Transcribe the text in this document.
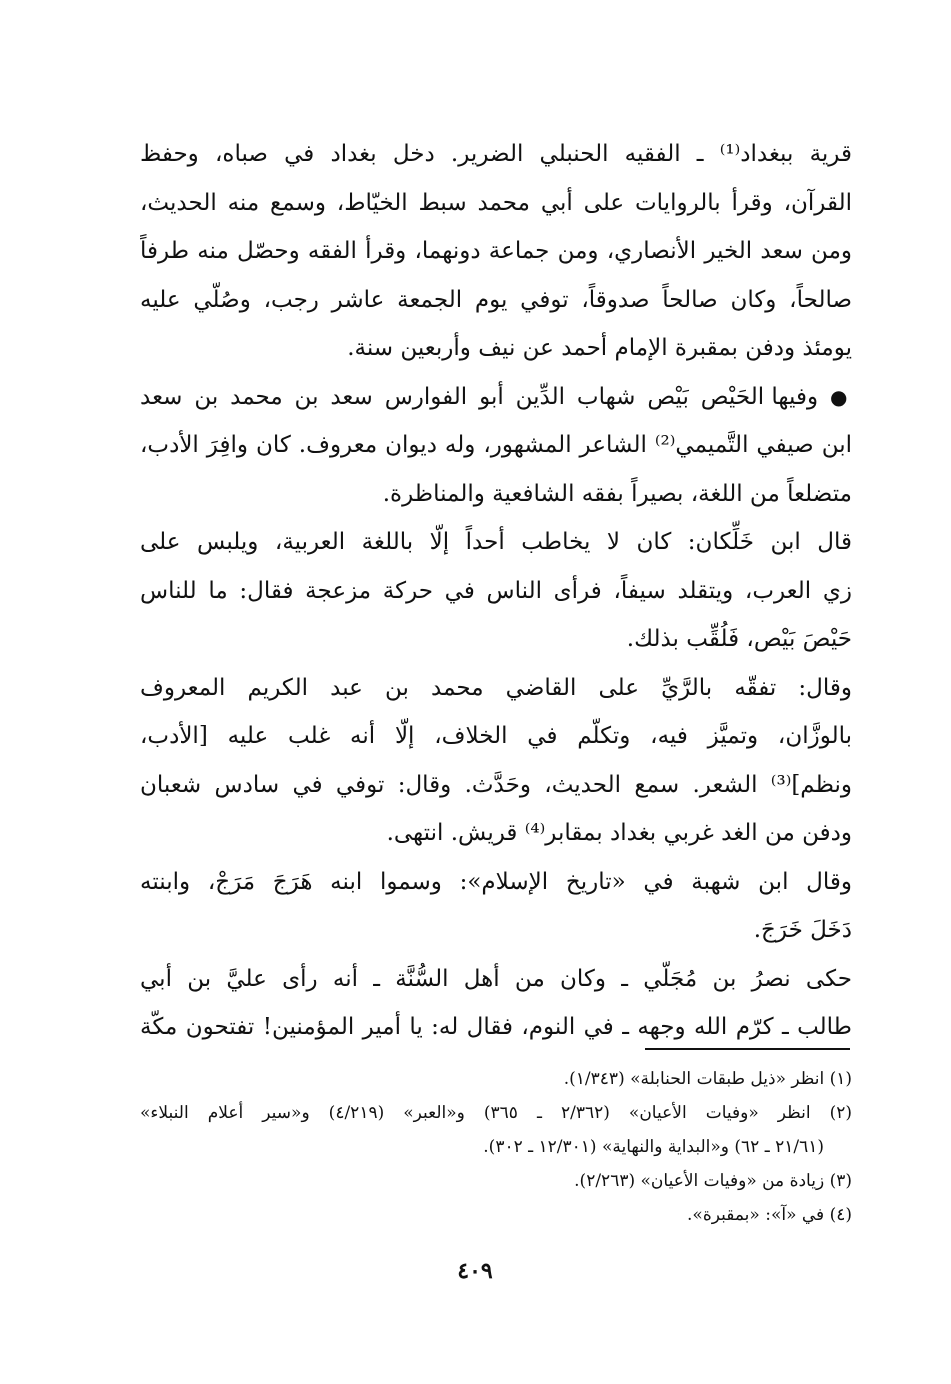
قرية ببغداد⁽¹⁾ ـ الفقيه الحنبلي الضرير. دخل بغداد في صباه، وحفظ
القرآن، وقرأ بالروايات على أبي محمد سبط الخيّاط، وسمع منه الحديث،
ومن سعد الخير الأنصاري، ومن جماعة دونهما، وقرأ الفقه وحصّل منه طرفاً
صالحاً، وكان صالحاً صدوقاً، توفي يوم الجمعة عاشر رجب، وصُلّي عليه
يومئذ ودفن بمقبرة الإمام أحمد عن نيف وأربعين سنة.

● وفيها الحَيْص بَيْص شهاب الدِّين أبو الفوارس سعد بن محمد بن سعد
ابن صيفي التَّميمي⁽²⁾ الشاعر المشهور، وله ديوان معروف. كان وافِرَ الأدب،
متضلعاً من اللغة، بصيراً بفقه الشافعية والمناظرة.

قال ابن خَلِّكان: كان لا يخاطب أحداً إلّا باللغة العربية، ويلبس على
زي العرب، ويتقلد سيفاً، فرأى الناس في حركة مزعجة فقال: ما للناس
حَيْصَ بَيْص، فَلُقِّب بذلك.

وقال: تفقّه بالرَّيِّ على القاضي محمد بن عبد الكريم المعروف
بالوزَّان، وتميَّز فيه، وتكلّم في الخلاف، إلّا أنه غلب عليه [الأدب،
ونظم]⁽³⁾ الشعر. سمع الحديث، وحَدَّث. وقال: توفي في سادس شعبان
ودفن من الغد غربي بغداد بمقابر⁽⁴⁾ قريش. انتهى.

وقال ابن شهبة في «تاريخ الإسلام»: وسموا ابنه هَرَجَ مَرَجْ، وابنته
دَخَلَ خَرَجَ.

حكى نصرُ بن مُجَلّي ـ وكان من أهل السُّنَّة ـ أنه رأى عليَّ بن أبي
طالب ـ كرّم الله وجهه ـ في النوم، فقال له: يا أمير المؤمنين! تفتحون مكّة

(١) انظر «ذيل طبقات الحنابلة» (١/٣٤٣).
(٢) انظر «وفيات الأعيان» (٢/٣٦٢ ـ ٣٦٥) و«العبر» (٤/٢١٩) و«سير أعلام النبلاء»
(٢١/٦١ ـ ٦٢) و«البداية والنهاية» (١٢/٣٠١ ـ ٣٠٢).
(٣) زيادة من «وفيات الأعيان» (٢/٢٦٣).
(٤) في «آ»: «بمقبرة».
٤٠٩
